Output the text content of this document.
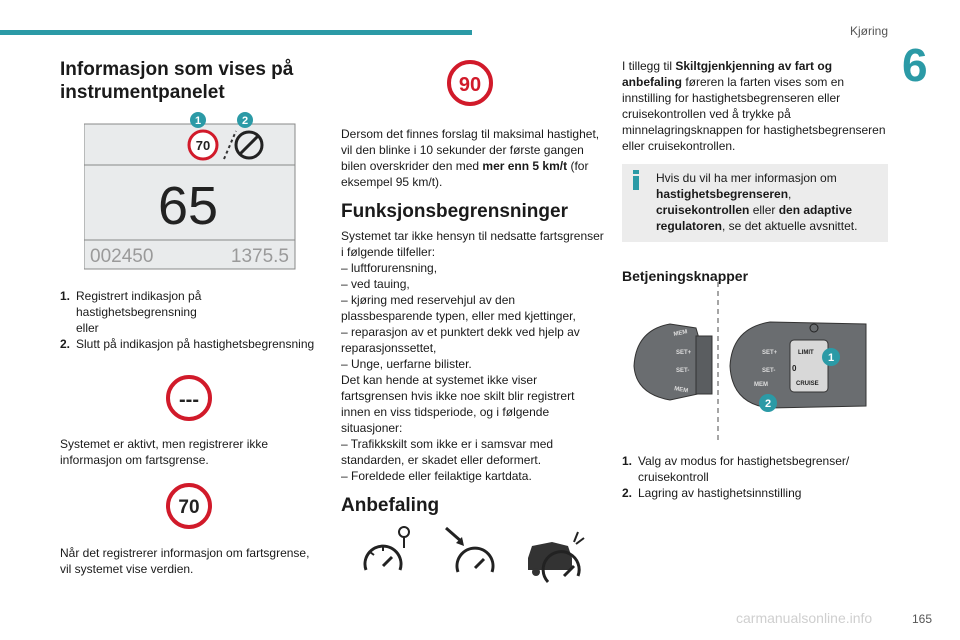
Kjøring
6
Informasjon som vises på instrumentpanelet
70
1	2
65
002450	1375.5
1. Registrert indikasjon på hastighetsbegrensning
eller
2. Slutt på indikasjon på hastighetsbegrensning
---

Systemet er aktivt, men registrerer ikke informasjon om fartsgrense.

70

Når det registrerer informasjon om fartsgrense, vil systemet vise verdien.

90

Dersom det finnes forslag til maksimal hastighet, vil den blinke i 10 sekunder der første gangen bilen overskrider den med mer enn 5 km/t (for eksempel 95 km/t).

Funksjonsbegrensninger

Systemet tar ikke hensyn til nedsatte fartsgrenser i følgende tilfeller:

– luftforurensning,
– ved tauing,
– kjøring med reservehjul av den plassbesparende typen, eller med kjettinger,
– reparasjon av et punktert dekk ved hjelp av reparasjonssettet,
– Unge, uerfarne bilister.

Det kan hende at systemet ikke viser fartsgrensen hvis ikke noe skilt blir registrert innen en viss tidsperiode, og i følgende situasjoner:

– Trafikkskilt som ikke er i samsvar med standarden, er skadet eller deformert.
– Foreldede eller feilaktige kartdata.
Anbefaling

I tillegg til Skiltgjenkjenning av fart og anbefaling føreren la farten vises som en innstilling for hastighetsbegrenseren eller cruisekontrollen ved å trykke på minnelagringsknappen for hastighetsbegrenseren eller cruisekontrollen.

Hvis du vil ha mer informasjon om hastighetsbegrenseren, cruisekontrollen eller den adaptive regulatoren, se det aktuelle avsnittet.

Betjeningsknapper
MEM
SET+
SET-
MEM
LIMIT
0
CRUISE
SET+
SET-
MEM
1
2
1. Valg av modus for hastighetsbegrenser/ cruisekontroll
2. Lagring av hastighetsinnstilling
carmanualsonline.info	165
